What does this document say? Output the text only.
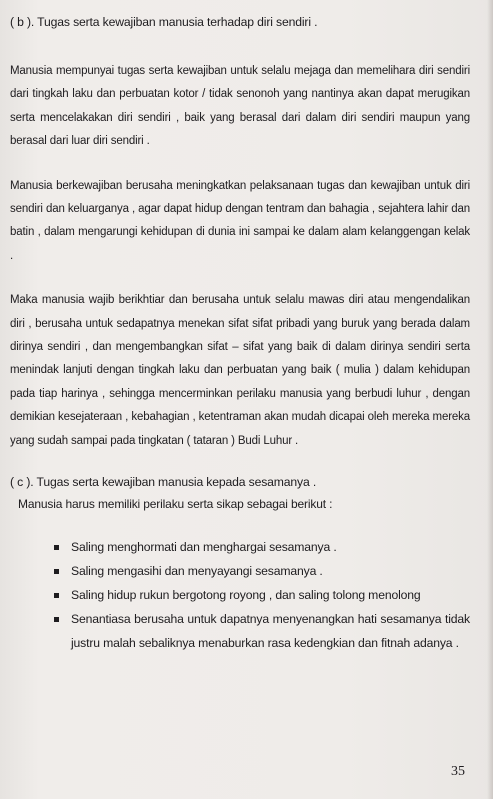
( b ). Tugas serta kewajiban manusia terhadap diri sendiri .

Manusia mempunyai tugas serta kewajiban untuk selalu mejaga dan memelihara diri sendiri dari tingkah laku dan perbuatan kotor / tidak senonoh yang nantinya akan dapat merugikan serta mencelakakan diri sendiri , baik yang berasal dari dalam diri sendiri maupun yang berasal dari luar diri sendiri .

Manusia berkewajiban berusaha meningkatkan pelaksanaan tugas dan kewajiban untuk diri sendiri dan keluarganya , agar dapat hidup dengan tentram dan bahagia , sejahtera lahir dan batin , dalam mengarungi kehidupan di dunia ini sampai ke dalam alam kelanggengan kelak .

Maka manusia wajib berikhtiar dan berusaha untuk selalu mawas diri atau mengendalikan diri , berusaha untuk sedapatnya menekan sifat sifat pribadi yang buruk yang berada dalam dirinya sendiri , dan mengembangkan sifat – sifat yang baik di dalam dirinya sendiri serta menindak lanjuti dengan tingkah laku dan perbuatan yang baik ( mulia ) dalam kehidupan pada tiap harinya , sehingga mencerminkan perilaku manusia yang berbudi luhur , dengan demikian kesejateraan , kebahagian , ketentraman akan mudah dicapai oleh mereka mereka yang sudah sampai pada tingkatan ( tataran ) Budi Luhur .

( c ). Tugas serta kewajiban manusia kepada sesamanya .
Manusia harus memiliki perilaku serta sikap sebagai berikut :
Saling menghormati dan menghargai sesamanya .
Saling mengasihi dan menyayangi sesamanya .
Saling hidup rukun bergotong royong , dan saling tolong menolong
Senantiasa berusaha untuk dapatnya menyenangkan hati sesamanya tidak justru malah sebaliknya menaburkan rasa kedengkian dan fitnah adanya .
35
